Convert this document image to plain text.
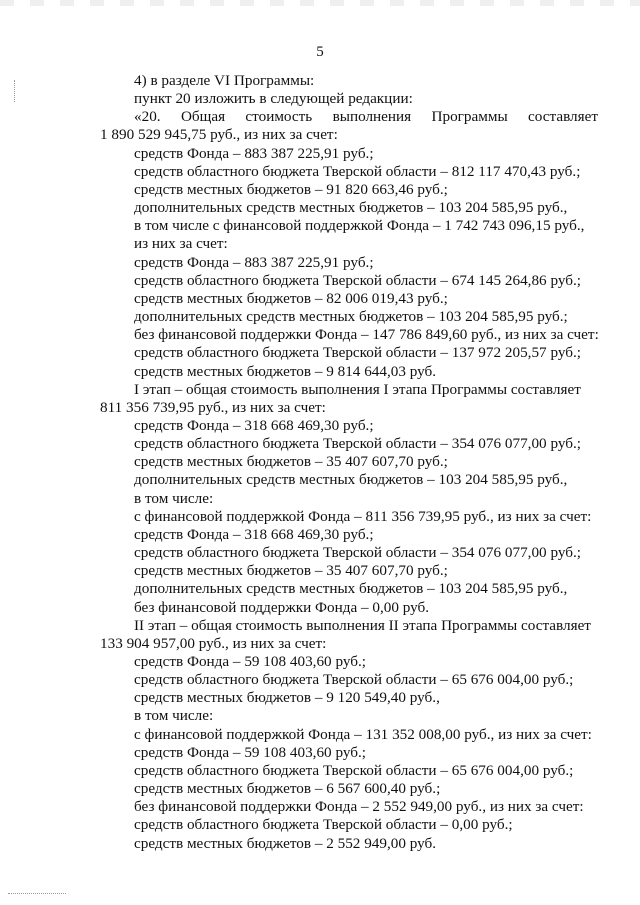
5
4) в разделе VI Программы:
пункт 20 изложить в следующей редакции:
«20. Общая стоимость выполнения Программы составляет
1 890 529 945,75 руб., из них за счет:
средств Фонда – 883 387 225,91 руб.;
средств областного бюджета Тверской области – 812 117 470,43 руб.;
средств местных бюджетов – 91 820 663,46 руб.;
дополнительных средств местных бюджетов – 103 204 585,95 руб.,
в том числе с финансовой поддержкой Фонда – 1 742 743 096,15 руб.,
из них за счет:
средств Фонда – 883 387 225,91 руб.;
средств областного бюджета Тверской области – 674 145 264,86 руб.;
средств местных бюджетов – 82 006 019,43 руб.;
дополнительных средств местных бюджетов – 103 204 585,95 руб.;
без финансовой поддержки Фонда – 147 786 849,60 руб., из них за счет:
средств областного бюджета Тверской области – 137 972 205,57 руб.;
средств местных бюджетов – 9 814 644,03 руб.
I этап – общая стоимость выполнения I этапа Программы составляет
811 356 739,95 руб., из них за счет:
средств Фонда – 318 668 469,30 руб.;
средств областного бюджета Тверской области – 354 076 077,00 руб.;
средств местных бюджетов – 35 407 607,70 руб.;
дополнительных средств местных бюджетов – 103 204 585,95 руб.,
в том числе:
с финансовой поддержкой Фонда – 811 356 739,95 руб., из них за счет:
средств Фонда – 318 668 469,30 руб.;
средств областного бюджета Тверской области – 354 076 077,00 руб.;
средств местных бюджетов – 35 407 607,70 руб.;
дополнительных средств местных бюджетов – 103 204 585,95 руб.,
без финансовой поддержки Фонда – 0,00 руб.
II этап – общая стоимость выполнения II этапа Программы составляет
133 904 957,00 руб., из них за счет:
средств Фонда – 59 108 403,60 руб.;
средств областного бюджета Тверской области – 65 676 004,00 руб.;
средств местных бюджетов – 9 120 549,40 руб.,
в том числе:
с финансовой поддержкой Фонда – 131 352 008,00 руб., из них за счет:
средств Фонда – 59 108 403,60 руб.;
средств областного бюджета Тверской области – 65 676 004,00 руб.;
средств местных бюджетов – 6 567 600,40 руб.;
без финансовой поддержки Фонда – 2 552 949,00 руб., из них за счет:
средств областного бюджета Тверской области – 0,00 руб.;
средств местных бюджетов – 2 552 949,00 руб.
